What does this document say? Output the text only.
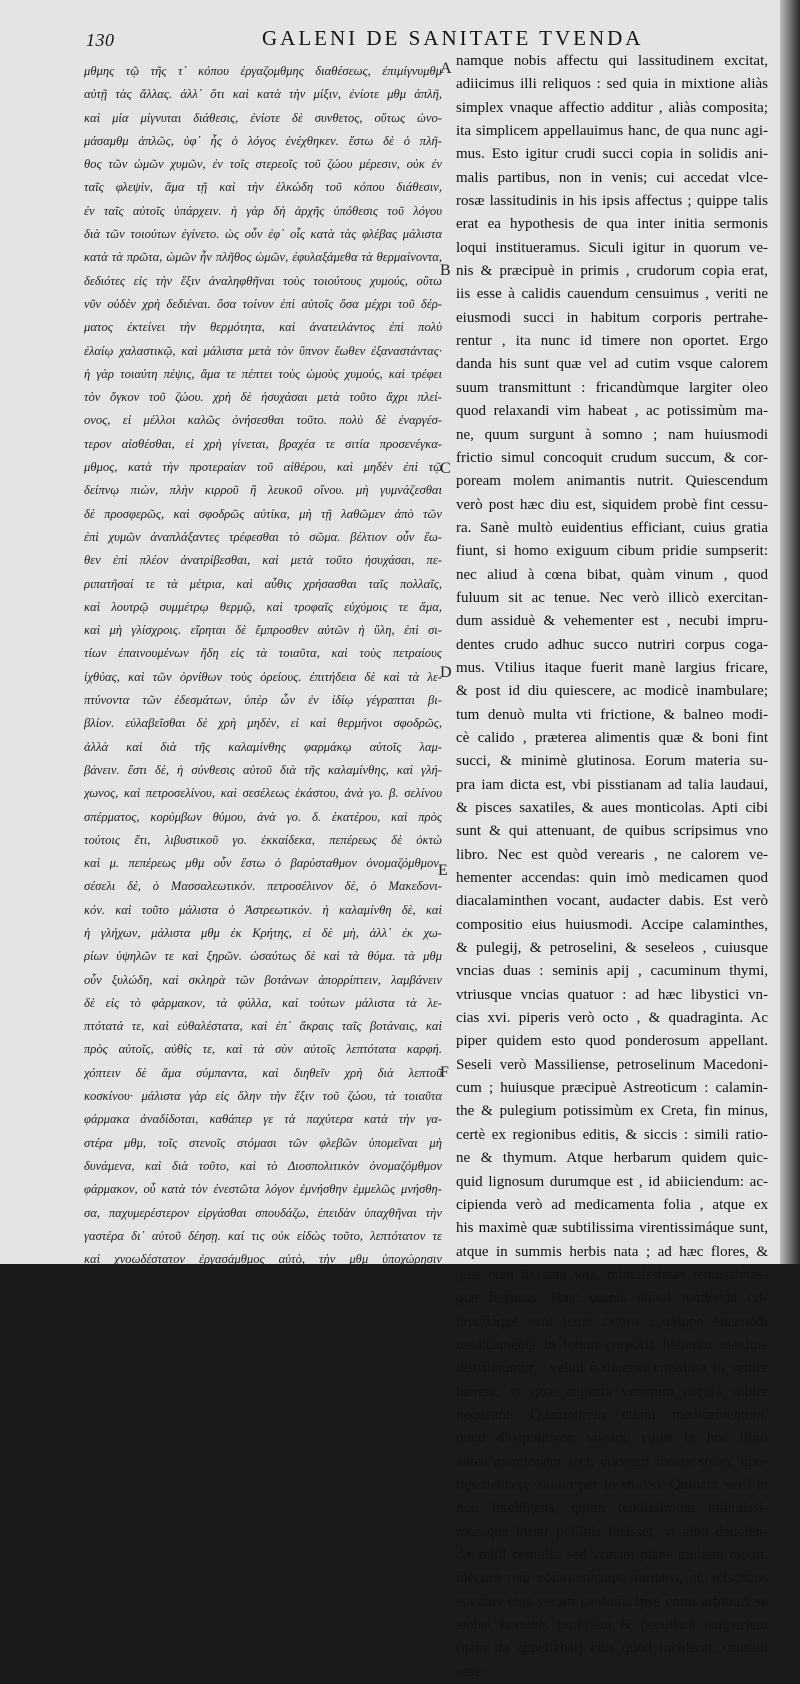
130	GALENI DE SANITATE TVENDA
μθμης τῷ τῆς τ᾽ κόπου ἐργαζομθμης διαθέσεως, ἐπιμίγνυμθμ
αὐτῇ τὰς ἄλλας. ἀλλ᾽ ὅτι καὶ κατὰ τὴν μίξιν, ἐνίοτε μθμ ἁπλῆ,
καὶ μία μίγνυται διάθεσις, ἐνίοτε δὲ συνθετος, οὕτως ὠνο-
μάσαμθμ ἁπλῶς, ὑφ᾽ ἧς ὁ λόγος ἐνέχθηκεν. ἔστω δὲ ὁ πλῆ-
θος τῶν ὠμῶν χυμῶν, ἐν τοῖς στερεοῖς τοῦ ζώου μέρεσιν, οὐκ ἐν
ταῖς φλεψὶν, ἅμα τῇ καὶ τὴν ἑλκώδη τοῦ κόπου διάθεσιν,
ἐν ταῖς αὐτοῖς ὑπάρχειν. ἡ γὰρ δὴ ἀρχῆς ὑπόθεσις τοῦ λόγου
διὰ τῶν τοιούτων ἐγίνετο. ὡς οὖν ἐφ᾽ οἷς κατὰ τὰς φλέβας μάλιστα
κατὰ τὰ πρῶτα, ὠμῶν ἦν πλῆθος ὠμῶν, ἐφυλαξάμεθα τὰ θερμαίνοντα,
δεδιότες εἰς τὴν ἕξιν ἀναληφθῆναι τοὺς τοιούτους χυμούς, οὕτω
νῦν οὐδὲν χρὴ δεδιέναι. ὅσα τοίνυν ἐπὶ αὐτοῖς ὅσα μέχρι τοῦ δέρ-
ματος ἐκτείνει τὴν θερμότητα, καὶ ἀνατειλάντος ἐπὶ πολὺ
ἐλαίῳ χαλαστικῷ, καὶ μάλιστα μετὰ τὸν ὕπνον ἕωθεν ἐξαναστάντας·
ἡ γὰρ τοιαύτη πέψις, ἅμα τε πέπτει τοὺς ὠμοὺς χυμούς, καὶ τρέφει
τὸν ὄγκον τοῦ ζώου. χρὴ δὲ ἡσυχάσαι μετὰ τοῦτο ἄχρι πλεί-
ονος, εἰ μέλλοι καλῶς ὀνήσεσθαι τοῦτο. πολὺ δὲ ἐναργέσ-
τερον αἰσθέσθαι, εἰ χρὴ γίνεται, βραχέα τε σιτία προσενέγκα-
μθμος, κατὰ τὴν προτεραίαν τοῦ αἰθέρου, καὶ μηδὲν ἐπὶ τῷ
δείπνῳ πιὼν, πλὴν κιρροῦ ἢ λευκοῦ οἴνου. μὴ γυμνάζεσθαι
δὲ προσφερῶς, καὶ σφοδρῶς αὐτίκα, μὴ τῇ λαθῶμεν ἀπὸ τῶν
ἐπὶ χυμῶν ἀναπλάξαντες τρέφεσθαι τὸ σῶμα. βέλτιον οὖν ἕω-
θεν ἐπὶ πλέον ἀνατρίβεσθαι, καὶ μετὰ τοῦτο ἡσυχάσαι, πε-
ριπατῆσαί τε τὰ μέτρια, καὶ αὖθις χρήσασθαι ταῖς πολλαῖς,
καὶ λουτρῷ συμμέτρῳ θερμῷ, καὶ τροφαῖς εὐχύμοις τε ἅμα,
καὶ μὴ γλίσχροις. εἴρηται δὲ ἔμπροσθεν αὐτῶν ἡ ὕλη, ἐπὶ σι-
τίων ἐπαινουμένων ἤδη εἰς τὰ τοιαῦτα, καὶ τοὺς πετραίους
ἰχθύας, καὶ τῶν ὀρνίθων τοὺς ὀρείους. ἐπιτήδεια δὲ καὶ τὰ λε-
πτύνοντα τῶν ἐδεσμάτων, ὑπὲρ ὧν ἐν ἰδίῳ γέγραπται βι-
βλίον. εὐλαβεῖσθαι δὲ χρὴ μηδὲν, εἰ καὶ θερμήνοι σφοδρῶς,
ἀλλὰ καὶ διὰ τῆς καλαμίνθης φαρμάκῳ αὐτοῖς λαμ-
βάνειν. ἔστι δὲ, ἡ σύνθεσις αὐτοῦ διὰ τῆς καλαμίνθης, καὶ γλή-
χωνος, καὶ πετροσελίνου, καὶ σεσέλεως ἑκάστου, ἀνὰ γο. β. σελίνου
σπέρματος, κορύμβων θύμου, ἀνὰ γο. δ. ἑκατέρου, καὶ πρὸς
τούτοις ἔτι, λιβυστικοῦ γο. ἑκκαίδεκα, πεπέρεως δὲ ὀκτὼ
καὶ μ. πεπέρεως μθμ οὖν ἔστω ὁ βαρύσταθμον ὀνομαζόμθμον.
σέσελι δὲ, ὁ Μασσαλεωτικόν. πετροσέλινον δὲ, ὁ Μακεδονι-
κόν. καὶ τοῦτο μάλιστα ὁ Ἀστρεωτικόν. ἡ καλαμίνθη δὲ, καὶ
ἡ γλήχων, μάλιστα μθμ ἐκ Κρήτης, εἰ δὲ μὴ, ἀλλ᾽ ἐκ χω-
ρίων ὑψηλῶν τε καὶ ξηρῶν. ὡσαύτως δὲ καὶ τὰ θύμα. τὰ μθμ
οὖν ξυλώδη, καὶ σκληρὰ τῶν βοτάνων ἀπορρίπτειν, λαμβάνειν
δὲ εἰς τὸ φάρμακον, τὰ φύλλα, καὶ τούτων μάλιστα τὰ λε-
πτότατά τε, καὶ εὐθαλέστατα, καὶ ἐπ᾽ ἄκραις ταῖς βοτάναις, καὶ
πρὸς αὐτοῖς, αὐθίς τε, καὶ τὰ σὺν αὐτοῖς λεπτότατα καρφή.
χόπτειν δὲ ἅμα σύμπαντα, καὶ διηθεῖν χρὴ διὰ λεπτοῦ
κοσκίνου· μάλιστα γὰρ εἰς ὅλην τὴν ἕξιν τοῦ ζώου, τὰ τοιαῦτα
φάρμακα ἀναδίδοται, καθάπερ γε τὰ παχύτερα κατὰ τὴν γα-
στέρα μθμ, τοῖς στενοῖς στόμασι τῶν φλεβῶν ὑπομεῖναι μὴ
δυνάμενα, καὶ διὰ τοῦτο, καὶ τὸ Διοσπολιτικὸν ὀνομαζόμθμον
φάρμακον, οὗ κατὰ τὸν ἐνεστῶτα λόγον ἐμνήσθην ἐμμελῶς μνήσθη-
σα, παχυμερέστερον εἰργάσθαι σπουδάζω, ἐπειδὰν ὑπαχθῆναι τὴν
γαστέρα δι᾽ αὐτοῦ δέησῃ. καί τις οὐκ εἰδὼς τοῦτο, λεπτότατον τε
καὶ χνοωδέστατον ἐργασάμθμος αὐτὸ, τὴν μθμ ὑποχώρησιν
οὐδὲν ἠ προὔτρεψεν, οὖρα δὲ ἐκίνησεν οὐκ ὀλίγα, καὶ ἡμῖν
ἐκοινοῦτο, θαυμάζων τε ἅμα, καὶ ζητῶν τὸ γεγονότος τὸ ἀλη-
θινὸν αἴτιον. αὐτὸς δὲ ᾤετο, νομίζειν ἰδιοσυγκρασίαν εἶναί τινα τῷ
ἀνθρώπου, καὶ γὰρ ἐκάλεσεν οὕτως, αἰτίαν εἶναι τοῦ συμβεβηκότος.
namque nobis affectu qui lassitudinem excitat,
adiicimus illi reliquos : sed quia in mixtione aliàs
simplex vnaque affectio additur , aliàs composita;
ita simplicem appellauimus hanc, de qua nunc agi-
mus. Esto igitur crudi succi copia in solidis ani-
malis partibus, non in venis; cui accedat vlce-
rosæ lassitudinis in his ipsis affectus ; quippe talis
erat ea hypothesis de qua inter initia sermonis
loqui institueramus. Siculi igitur in quorum ve-
nis & præcipuè in primis , crudorum copia erat,
iis esse à calidis cauendum censuimus , veriti ne
eiusmodi succi in habitum corporis pertrahe-
rentur , ita nunc id timere non oportet. Ergo
danda his sunt quæ vel ad cutim vsque calorem
suum transmittunt : fricandùmque largiter oleo
quod relaxandi vim habeat , ac potissimùm ma-
ne, quum surgunt à somno ; nam huiusmodi
frictio simul concoquit crudum succum, & cor-
poream molem animantis nutrit. Quiescendum
verò post hæc diu est, siquidem probè fint cessu-
ra. Sanè multò euidentius efficiant, cuius gratia
fiunt, si homo exiguum cibum pridie sumpserit:
nec aliud à cœna bibat, quàm vinum , quod
fuluum sit ac tenue. Nec verò illicò exercitan-
dum assiduè & vehementer est , necubi impru-
dentes crudo adhuc succo nutriri corpus coga-
mus. Vtilius itaque fuerit manè largius fricare,
& post id diu quiescere, ac modicè inambulare;
tum denuò multa vti frictione, & balneo modi-
cè calido , præterea alimentis quæ & boni fint
succi, & minimè glutinosa. Eorum materia su-
pra iam dicta est, vbi pisstianam ad talia laudaui,
& pisces saxatiles, & aues monticolas. Apti cibi
sunt & qui attenuant, de quibus scripsimus vno
libro. Nec est quòd verearis , ne calorem ve-
hementer accendas: quin imò medicamen quod
diacalaminthen vocant, audacter dabis. Est verò
compositio eius huiusmodi. Accipe calaminthes,
& pulegij, & petroselini, & seseleos , cuiusque
vncias duas : seminis apij , cacuminum thymi,
vtriusque vncias quatuor : ad hæc libystici vn-
cias xvi. piperis verò octo , & quadraginta. Ac
piper quidem esto quod ponderosum appellant.
Seseli verò Massiliense, petroselinum Macedoni-
cum ; huiusque præcipuè Astreoticum : calamin-
the & pulegium potissimùm ex Creta, fin minus,
certè ex regionibus editis, & siccis : simili ratio-
ne & thymum. Atque herbarum quidem quic-
quid lignosum durumque est , id abiiciendum: ac-
cipienda verò ad medicamenta folia , atque ex
his maximè quæ subtilissima virentissimáque sunt,
atque in summis herbis nata ; ad hæc flores, &
quæ cum iis sunt vnà, minutissimas tenuissimas-
que festucas. Hæc omnia simul tundenda cri-
brandáque sunt tenui cribro ; quippe eiusmodi
medicamenta in totum corporis habitum maximè
distribuuntur : veluti è diuerso crassiora in ventre
hærent, vt quæ angusta venarum oscula subire
nequeant. Quamobrem etiam medicamentum,
quod diospoliticon vocant, cuius in hoc libro
antea mentionem feci, crassum facere soleo, quo-
ties deiicere aluum per id studeo. Quidam verò id
non intelligens, quum tenuissimum minutissi-
múmque instar pollinis fecisset, vt aluo deiicien-
dæ nihil contulit, sed vrinam planè multam mouit,
mecum rem communicauit, miratus, ac sciscitans
euentus eius veram causam. Ipse enim arbitrari se
aiebat hominis propriam & peculiarē temperiem
(nam ita appellabat) eius quod inciderat, causam
esse:
A
B
C
D
E
F
